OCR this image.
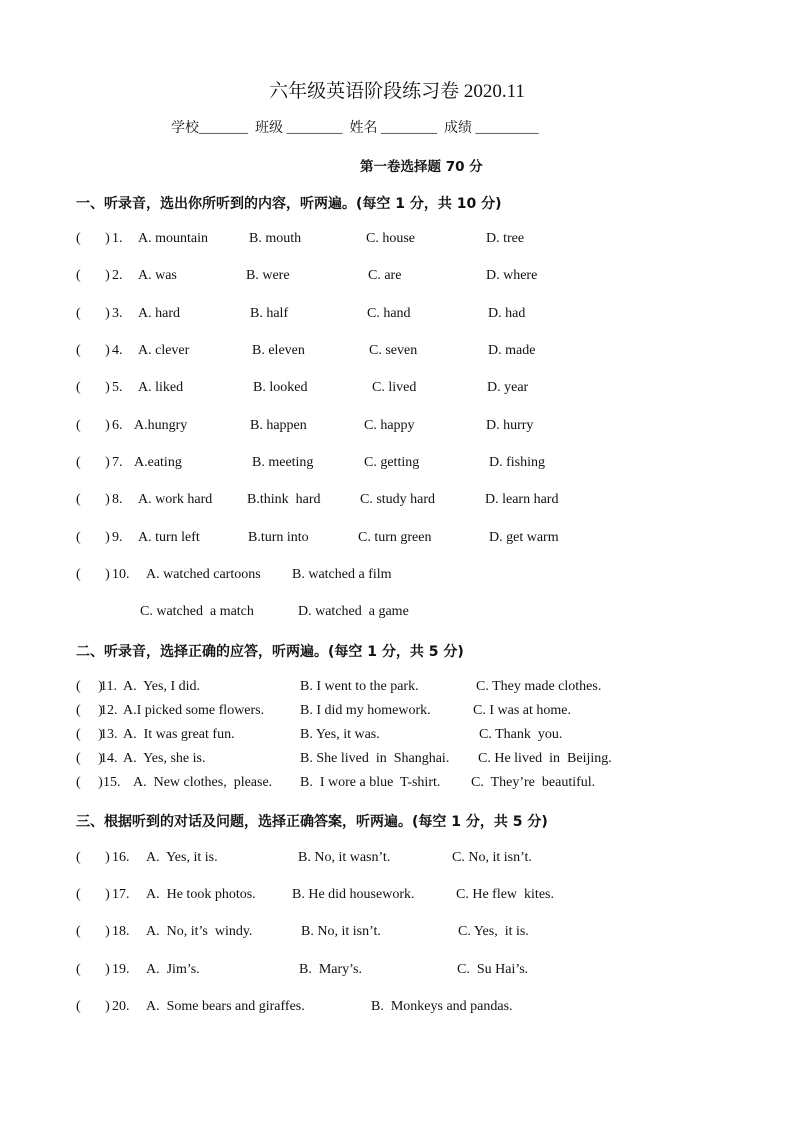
六年级英语阶段练习卷 2020.11
学校_______  班级 ________  姓名 ________  成绩 _________
第一卷选择题 70 分
一、听录音，选出你所听到的内容，听两遍。(每空 1 分，共 10 分)
(       ) 1. A. mountain	B. mouth	C. house	D. tree
(       ) 2. A. was	B. were	C. are	D. where
(       ) 3. A. hard	B. half	C. hand	D. had
(       ) 4. A. clever	B. eleven	C. seven	D. made
(       ) 5. A. liked	B. looked	C. lived	D. year
(       ) 6. A.hungry	B. happen	C. happy	D. hurry
(       ) 7. A.eating	B. meeting	C. getting	D. fishing
(       ) 8. A. work hard B.think  hard	C. study hard	D. learn hard
(       ) 9. A. turn left	B.turn into	C. turn green	D. get warm
(       ) 10. A. watched cartoons B. watched a film
C. watched  a match	D. watched  a game
二、听录音，选择正确的应答，听两遍。(每空 1 分，共 5 分)
(     )
11. A.  Yes, I did.	B. I went to the park.	C. They made clothes.
(     )
12. A.I picked some flowers.	B. I did my homework.	C. I was at home.
(     )
13. A.  It was great fun.	B. Yes, it was.	C. Thank  you.
(     )
14. A.  Yes, she is.	B. She lived  in  Shanghai. C. He lived  in  Beijing.
(     ) 15. A.  New clothes,  please. B.  I wore a blue  T-shirt. C.  They’re  beautiful.
三、根据听到的对话及问题，选择正确答案，听两遍。(每空 1 分，共 5 分)
(       ) 16. A.  Yes, it is.	B. No, it wasn’t.	C. No, it isn’t.
(       ) 17. A.  He took photos.	B. He did housework.	C. He flew  kites.
(       ) 18. A.  No, it’s  windy.	B. No, it isn’t.	C. Yes,  it is.
(       ) 19. A.  Jim’s.	B.  Mary’s.	C.  Su Hai’s.
(       ) 20. A.  Some bears and giraffes.	B.  Monkeys and pandas.
